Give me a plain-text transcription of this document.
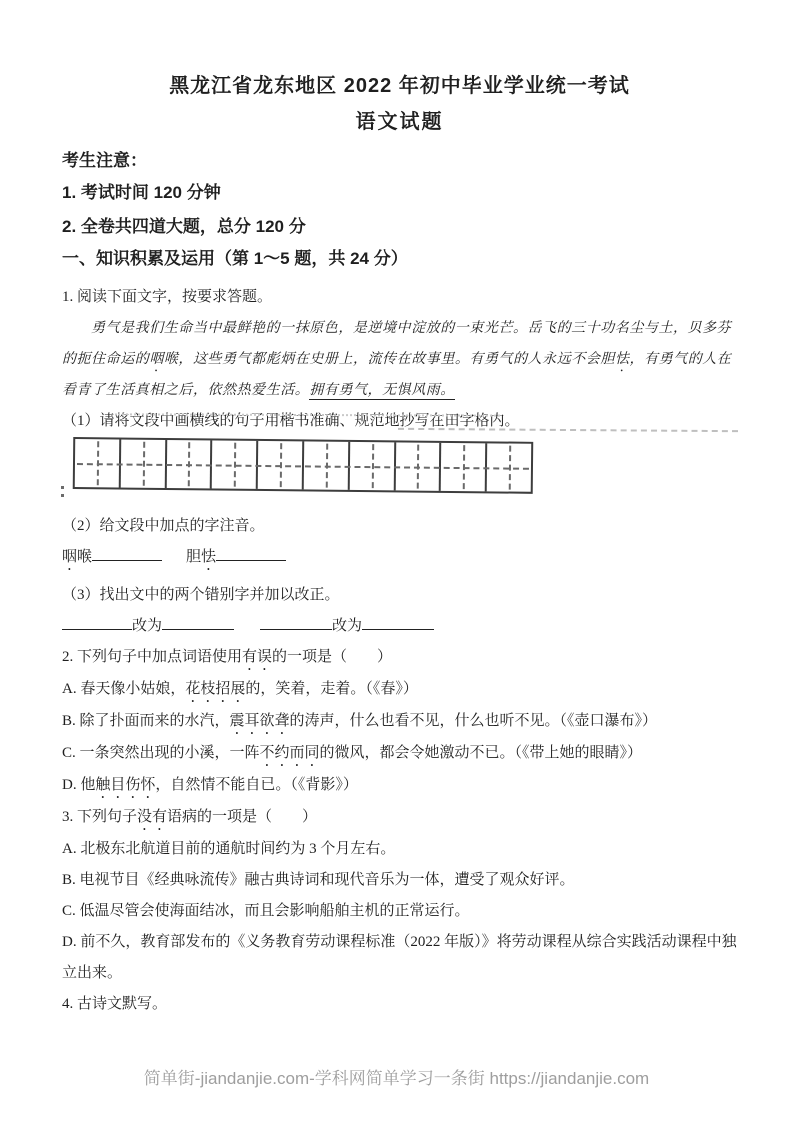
黑龙江省龙东地区 2022 年初中毕业学业统一考试
语文试题
考生注意：
1. 考试时间 120 分钟
2. 全卷共四道大题，总分 120 分
一、知识积累及运用（第 1～5 题，共 24 分）
1. 阅读下面文字，按要求答题。
勇气是我们生命当中最鲜艳的一抹原色，是逆境中淀放的一束光芒。岳飞的三十功名尘与土，贝多芬
的扼住命运的咽喉，这些勇气都彪炳在史册上，流传在故事里。有勇气的人永远不会胆怯，有勇气的人在
看青了生活真相之后，依然热爱生活。拥有勇气，无惧风雨。
（1）请将文段中画横线的句子用楷书准确、规范地抄写在田字格内。
（2）给文段中加点的字注音。
咽喉	胆怯
（3）找出文中的两个错别字并加以改正。
改为	改为
2. 下列句子中加点词语使用有误的一项是（　　）
A. 春天像小姑娘，花枝招展的，笑着，走着。（《春》）
B. 除了扑面而来的水汽，震耳欲聋的涛声，什么也看不见，什么也听不见。（《壶口瀑布》）
C. 一条突然出现的小溪，一阵不约而同的微风，都会令她激动不已。（《带上她的眼睛》）
D. 他触目伤怀，自然情不能自已。（《背影》）
3. 下列句子没有语病的一项是（　　）
A. 北极东北航道目前的通航时间约为 3 个月左右。
B. 电视节目《经典咏流传》融古典诗词和现代音乐为一体，遭受了观众好评。
C. 低温尽管会使海面结冰，而且会影响船舶主机的正常运行。
D. 前不久，教育部发布的《义务教育劳动课程标准（2022 年版）》将劳动课程从综合实践活动课程中独立出来。
4. 古诗文默写。
简单街-jiandanjie.com-学科网简单学习一条街 https://jiandanjie.com
